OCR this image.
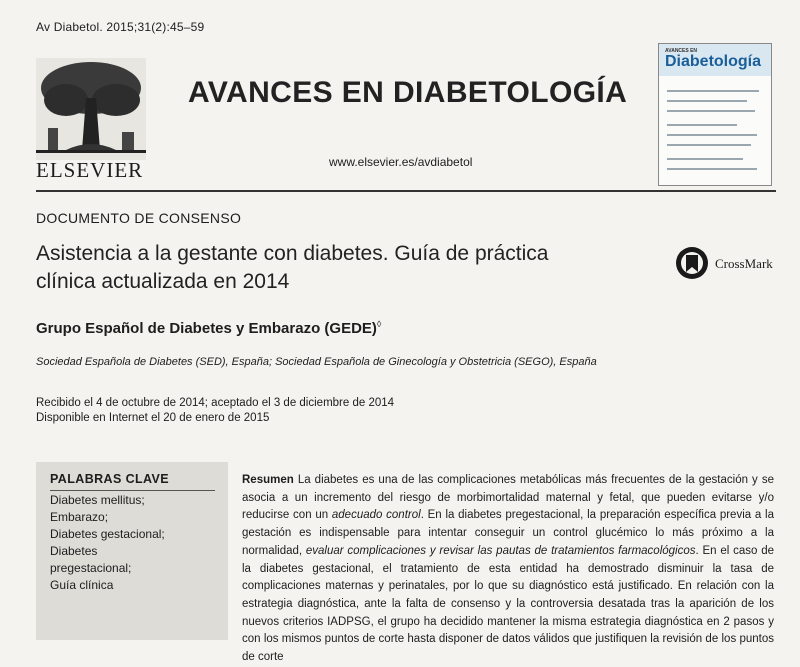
Av Diabetol. 2015;31(2):45–59
ELSEVIER
AVANCES EN DIABETOLOGÍA
www.elsevier.es/avdiabetol
AVANCES EN
Diabetología
DOCUMENTO DE CONSENSO
Asistencia a la gestante con diabetes. Guía de práctica
clínica actualizada en 2014
CrossMark
Grupo Español de Diabetes y Embarazo (GEDE)◊
Sociedad Española de Diabetes (SED), España; Sociedad Española de Ginecología y Obstetricia (SEGO), España
Recibido el 4 de octubre de 2014; aceptado el 3 de diciembre de 2014
Disponible en Internet el 20 de enero de 2015
PALABRAS CLAVE
Diabetes mellitus;
Embarazo;
Diabetes gestacional;
Diabetes
pregestacional;
Guía clínica

Resumen La diabetes es una de las complicaciones metabólicas más frecuentes de la gestación y se asocia a un incremento del riesgo de morbimortalidad maternal y fetal, que pueden evitarse y/o reducirse con un adecuado control. En la diabetes pregestacional, la preparación específica previa a la gestación es indispensable para intentar conseguir un control glucémico lo más próximo a la normalidad, evaluar complicaciones y revisar las pautas de tratamientos farmacológicos. En el caso de la diabetes gestacional, el tratamiento de esta entidad ha demostrado disminuir la tasa de complicaciones maternas y perinatales, por lo que su diagnóstico está justificado. En relación con la estrategia diagnóstica, ante la falta de consenso y la controversia desatada tras la aparición de los nuevos criterios IADPSG, el grupo ha decidido mantener la misma estrategia diagnóstica en 2 pasos y con los mismos puntos de corte hasta disponer de datos válidos que justifiquen la revisión de los puntos de corte
